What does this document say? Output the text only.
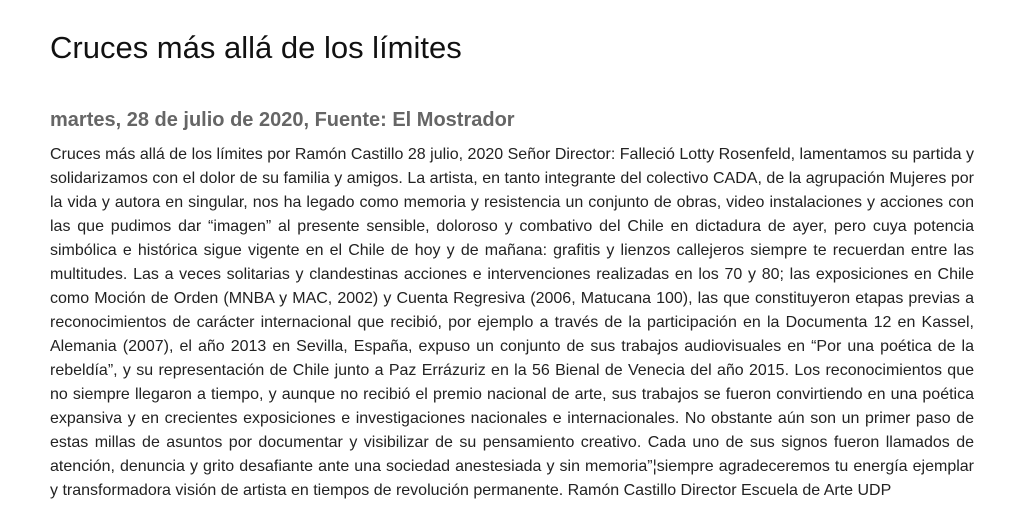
Cruces más allá de los límites
martes, 28 de julio de 2020, Fuente: El Mostrador

Cruces más allá de los límites por Ramón Castillo 28 julio, 2020 Señor Director: Falleció Lotty Rosenfeld, lamentamos su partida y solidarizamos con el dolor de su familia y amigos. La artista, en tanto integrante del colectivo CADA, de la agrupación Mujeres por la vida y autora en singular, nos ha legado como memoria y resistencia un conjunto de obras, video instalaciones y acciones con las que pudimos dar “imagen” al presente sensible, doloroso y combativo del Chile en dictadura de ayer, pero cuya potencia simbólica e histórica sigue vigente en el Chile de hoy y de mañana: grafitis y lienzos callejeros siempre te recuerdan entre las multitudes. Las a veces solitarias y clandestinas acciones e intervenciones realizadas en los 70 y 80; las exposiciones en Chile como Moción de Orden (MNBA y MAC, 2002) y Cuenta Regresiva (2006, Matucana 100), las que constituyeron etapas previas a reconocimientos de carácter internacional que recibió, por ejemplo a través de la participación en la Documenta 12 en Kassel, Alemania (2007), el año 2013 en Sevilla, España, expuso un conjunto de sus trabajos audiovisuales en “Por una poética de la rebeldía”, y su representación de Chile junto a Paz Errázuriz en la 56 Bienal de Venecia del año 2015. Los reconocimientos que no siempre llegaron a tiempo, y aunque no recibió el premio nacional de arte, sus trabajos se fueron convirtiendo en una poética expansiva y en crecientes exposiciones e investigaciones nacionales e internacionales. No obstante aún son un primer paso de estas millas de asuntos por documentar y visibilizar de su pensamiento creativo. Cada uno de sus signos fueron llamados de atención, denuncia y grito desafiante ante una sociedad anestesiada y sin memoria”¦siempre agradeceremos tu energía ejemplar y transformadora visión de artista en tiempos de revolución permanente. Ramón Castillo Director Escuela de Arte UDP
